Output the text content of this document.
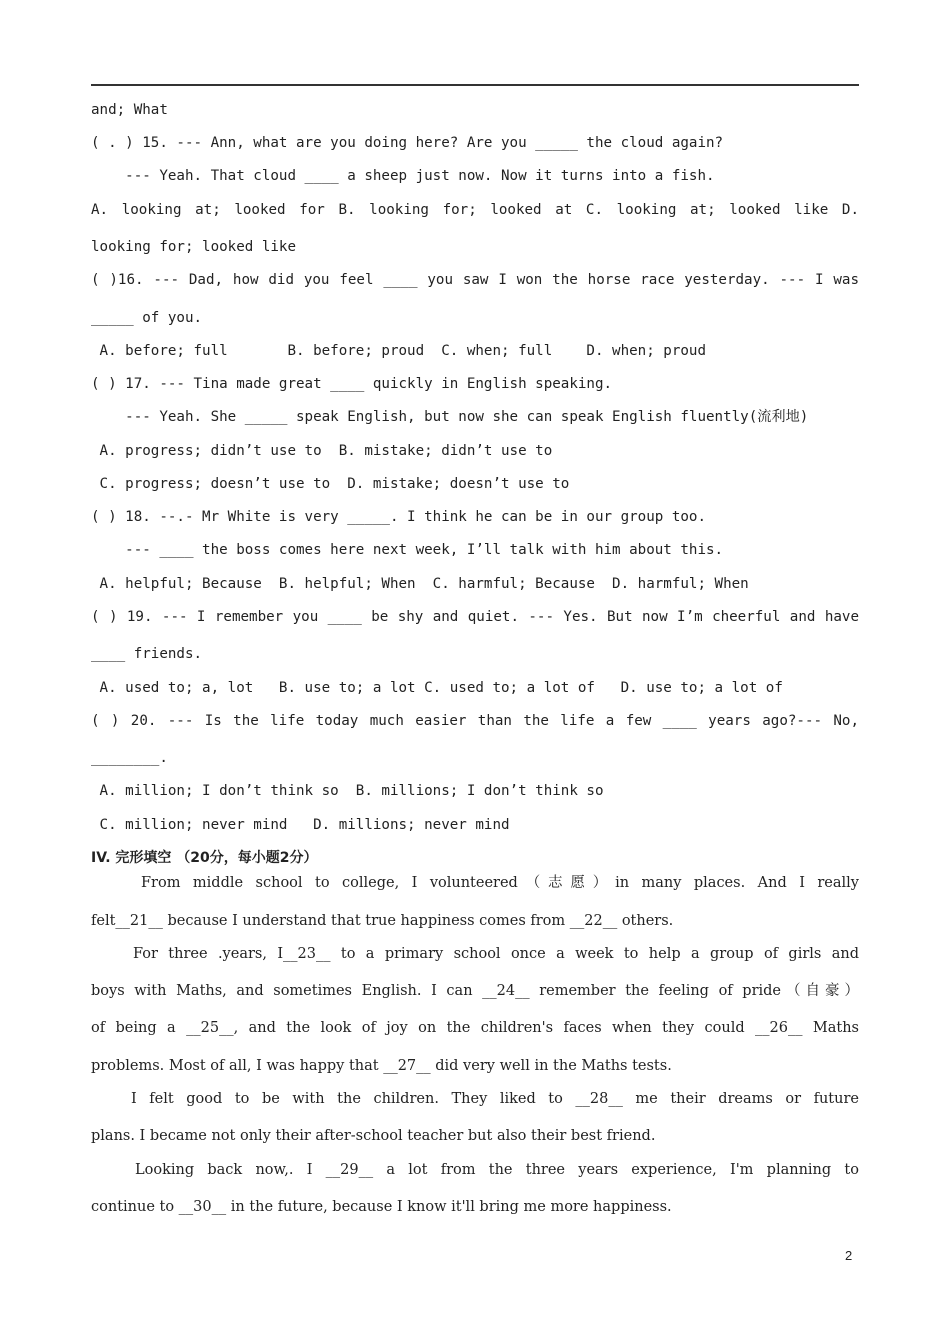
and; What
( . ) 15. --- Ann, what are you doing here? Are you _____ the cloud again?
--- Yeah. That cloud ____ a sheep just now. Now it turns into a fish.
A. looking at; looked for B. looking for; looked at C. looking at; looked like D.
looking for; looked like
( )16. --- Dad, how did you feel ____ you saw I won the horse race yesterday. --- I was
_____ of you.
A. before; full       B. before; proud  C. when; full    D. when; proud
( ) 17. --- Tina made great ____ quickly in English speaking.
--- Yeah. She _____ speak English, but now she can speak English fluently(流利地)
A. progress; didn’t use to  B. mistake; didn’t use to
C. progress; doesn’t use to  D. mistake; doesn’t use to
( ) 18. --.- Mr White is very _____. I think he can be in our group too.
--- ____ the boss comes here next week, I’ll talk with him about this.
A. helpful; Because  B. helpful; When  C. harmful; Because  D. harmful; When
( ) 19. --- I remember you ____ be shy and quiet. --- Yes. But now I’m cheerful and have
____ friends.
A. used to; a, lot   B. use to; a lot C. used to; a lot of   D. use to; a lot of
( ) 20. --- Is the life today much easier than the life a few ____ years ago?--- No,
________.
A. million; I don’t think so  B. millions; I don’t think so
C. million; never mind   D. millions; never mind
IV. 完形填空 （20分，每小题2分）
From middle school to college, I volunteered（志愿）in many places. And I really
felt__21__ because I understand that true happiness comes from __22__ others.
For three .years, I__23__ to a primary school once a week to help a group of girls and
boys with Maths, and sometimes English. I can __24__ remember the feeling of pride（自豪）
of being a __25__, and the look of joy on the children's faces when they could __26__ Maths
problems. Most of all, I was happy that __27__ did very well in the Maths tests.
I felt good to be with the children. They liked to __28__ me their dreams or future
plans. I became not only their after-school teacher but also their best friend.
Looking back now,. I __29__ a lot from the three years experience, I'm planning to
continue to __30__ in the future, because I know it'll bring me more happiness.
2
